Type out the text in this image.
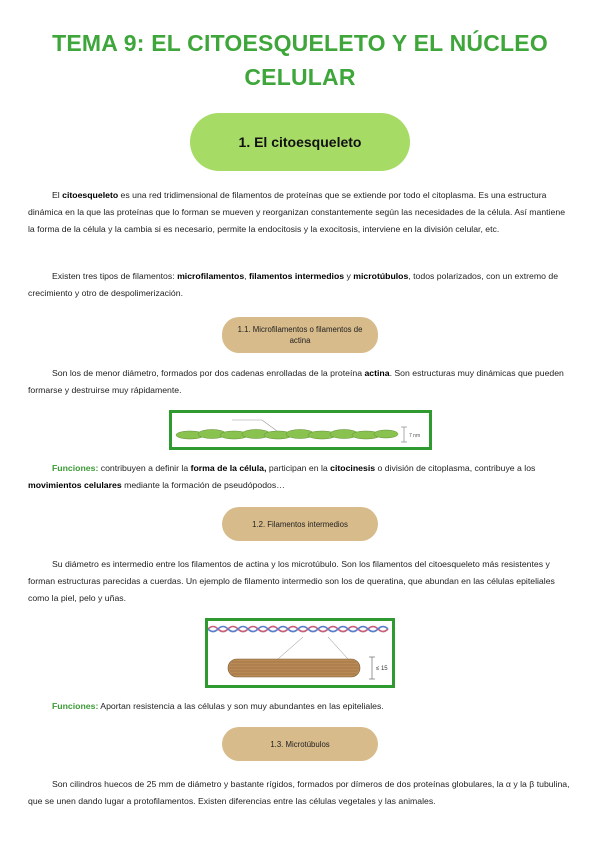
TEMA 9: EL CITOESQUELETO Y EL NÚCLEO
CELULAR
1. El citoesqueleto

El citoesqueleto es una red tridimensional de filamentos de proteínas que se extiende por todo el citoplasma. Es una estructura dinámica en la que las proteínas que lo forman se mueven y reorganizan constantemente según las necesidades de la célula. Así mantiene la forma de la célula y la cambia si es necesario, permite la endocitosis y la exocitosis, interviene en la división celular, etc.

Existen tres tipos de filamentos: microfilamentos, filamentos intermedios y microtúbulos, todos polarizados, con un extremo de crecimiento y otro de despolimerización.

1.1. Microfilamentos o filamentos de actina

Son los de menor diámetro, formados por dos cadenas enrolladas de la proteína actina. Son estructuras muy dinámicas que pueden formarse y destruirse muy rápidamente.

7 nm

Funciones: contribuyen a definir la forma de la célula, participan en la citocinesis o división de citoplasma, contribuye a los movimientos celulares mediante la formación de pseudópodos…

1.2. Filamentos intermedios

Su diámetro es intermedio entre los filamentos de actina y los microtúbulo. Son los filamentos del citoesqueleto más resistentes y forman estructuras parecidas a cuerdas. Un ejemplo de filamento intermedio son los de queratina, que abundan en las células epiteliales como la piel, pelo y uñas.

≤ 15

Funciones: Aportan resistencia a las células y son muy abundantes en las epiteliales.

1.3. Microtúbulos

Son cilindros huecos de 25 mm de diámetro y bastante rígidos, formados por dímeros de dos proteínas globulares, la α y la β tubulina, que se unen dando lugar a protofilamentos. Existen diferencias entre las células vegetales y las animales.
